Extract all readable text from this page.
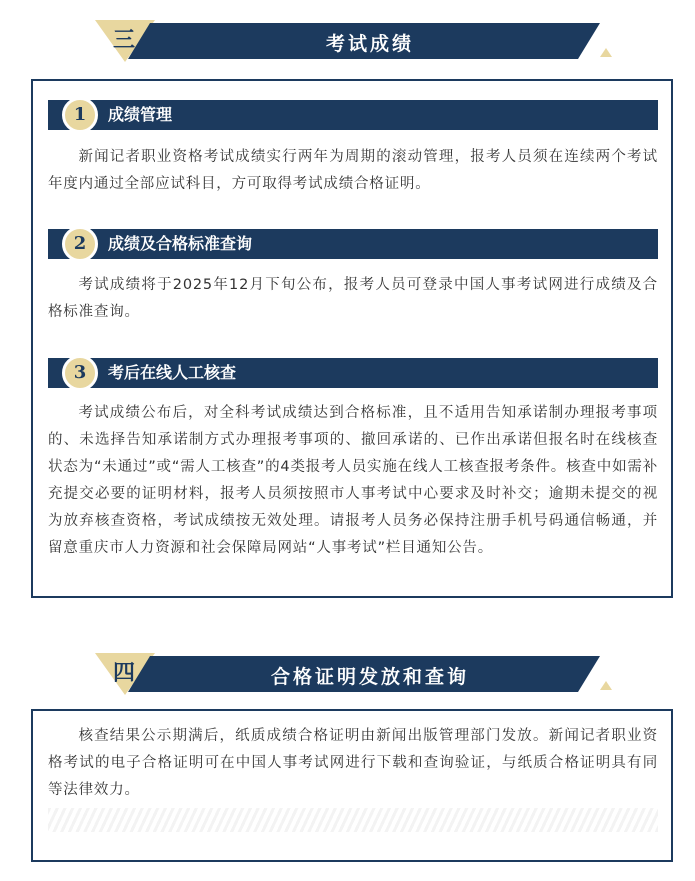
三	考试成绩
1	成绩管理

新闻记者职业资格考试成绩实行两年为周期的滚动管理，报考人员须在连续两个考试年度内通过全部应试科目，方可取得考试成绩合格证明。

2	成绩及合格标准查询

考试成绩将于2025年12月下旬公布，报考人员可登录中国人事考试网进行成绩及合格标准查询。

3	考后在线人工核查

考试成绩公布后，对全科考试成绩达到合格标准，且不适用告知承诺制办理报考事项的、未选择告知承诺制方式办理报考事项的、撤回承诺的、已作出承诺但报名时在线核查状态为“未通过”或“需人工核查”的4类报考人员实施在线人工核查报考条件。核查中如需补充提交必要的证明材料，报考人员须按照市人事考试中心要求及时补交；逾期未提交的视为放弃核查资格，考试成绩按无效处理。请报考人员务必保持注册手机号码通信畅通，并留意重庆市人力资源和社会保障局网站“人事考试”栏目通知公告。

四	合格证明发放和查询

核查结果公示期满后，纸质成绩合格证明由新闻出版管理部门发放。新闻记者职业资格考试的电子合格证明可在中国人事考试网进行下载和查询验证，与纸质合格证明具有同等法律效力。
